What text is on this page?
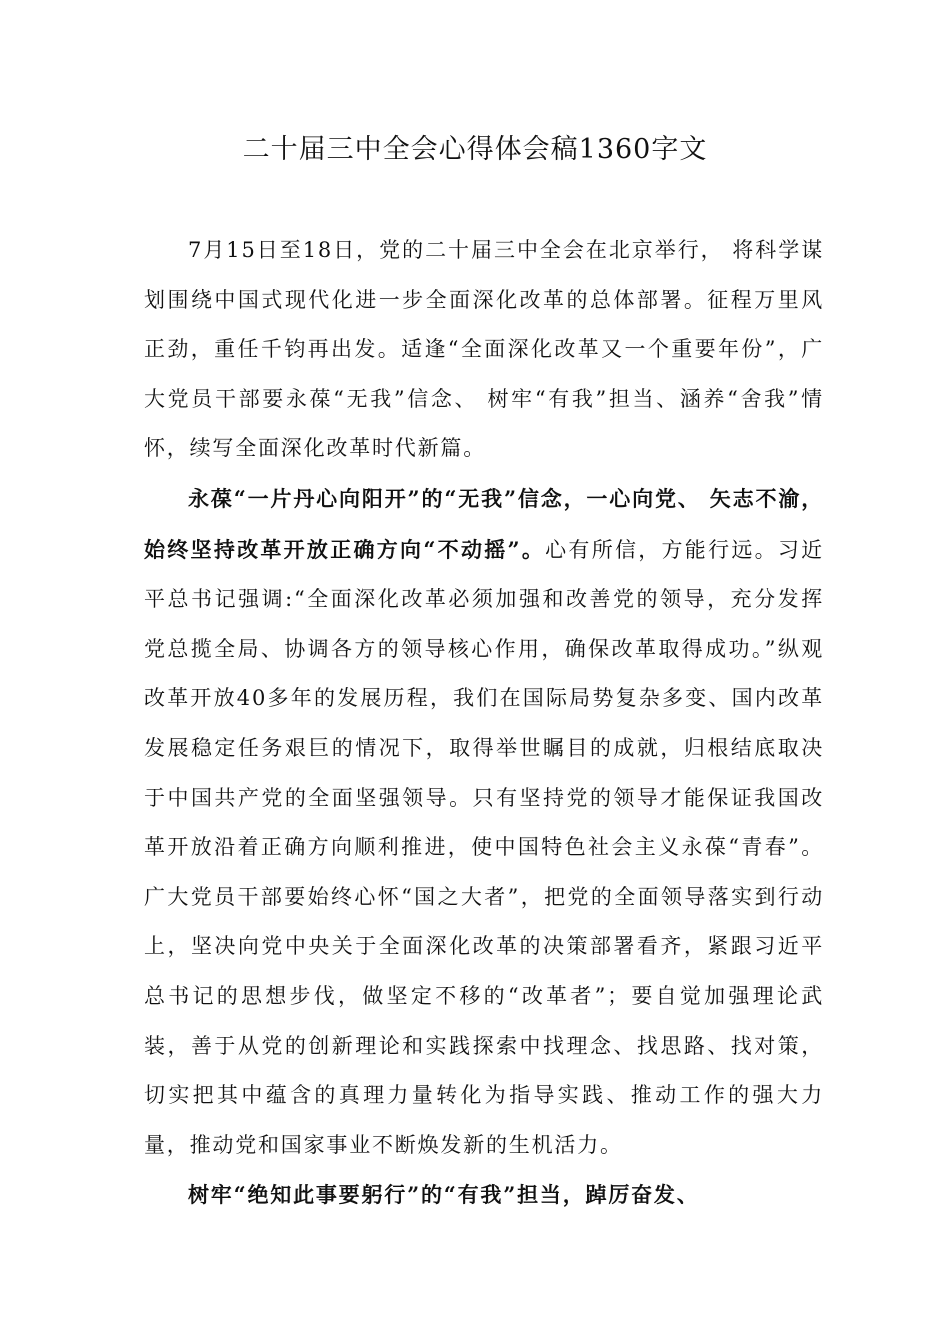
二十届三中全会心得体会稿1360字文

7月15日至18日，党的二十届三中全会在北京举行， 将科学谋划围绕中国式现代化进一步全面深化改革的总体部署。征程万里风正劲，重任千钧再出发。适逢“全面深化改革又一个重要年份”，广大党员干部要永葆“无我”信念、 树牢“有我”担当、涵养“舍我”情怀，续写全面深化改革时代新篇。

永葆“一片丹心向阳开”的“无我”信念，一心向党、 矢志不渝，始终坚持改革开放正确方向“不动摇”。心有所信，方能行远。习近平总书记强调:“全面深化改革必须加强和改善党的领导，充分发挥党总揽全局、协调各方的领导核心作用，确保改革取得成功。”纵观改革开放40多年的发展历程，我们在国际局势复杂多变、国内改革发展稳定任务艰巨的情况下，取得举世瞩目的成就，归根结底取决于中国共产党的全面坚强领导。只有坚持党的领导才能保证我国改革开放沿着正确方向顺利推进，使中国特色社会主义永葆“青春”。广大党员干部要始终心怀“国之大者”，把党的全面领导落实到行动上，坚决向党中央关于全面深化改革的决策部署看齐，紧跟习近平总书记的思想步伐，做坚定不移的“改革者”；要自觉加强理论武装，善于从党的创新理论和实践探索中找理念、找思路、找对策，切实把其中蕴含的真理力量转化为指导实践、推动工作的强大力量，推动党和国家事业不断焕发新的生机活力。

树牢“绝知此事要躬行”的“有我”担当，踔厉奋发、
